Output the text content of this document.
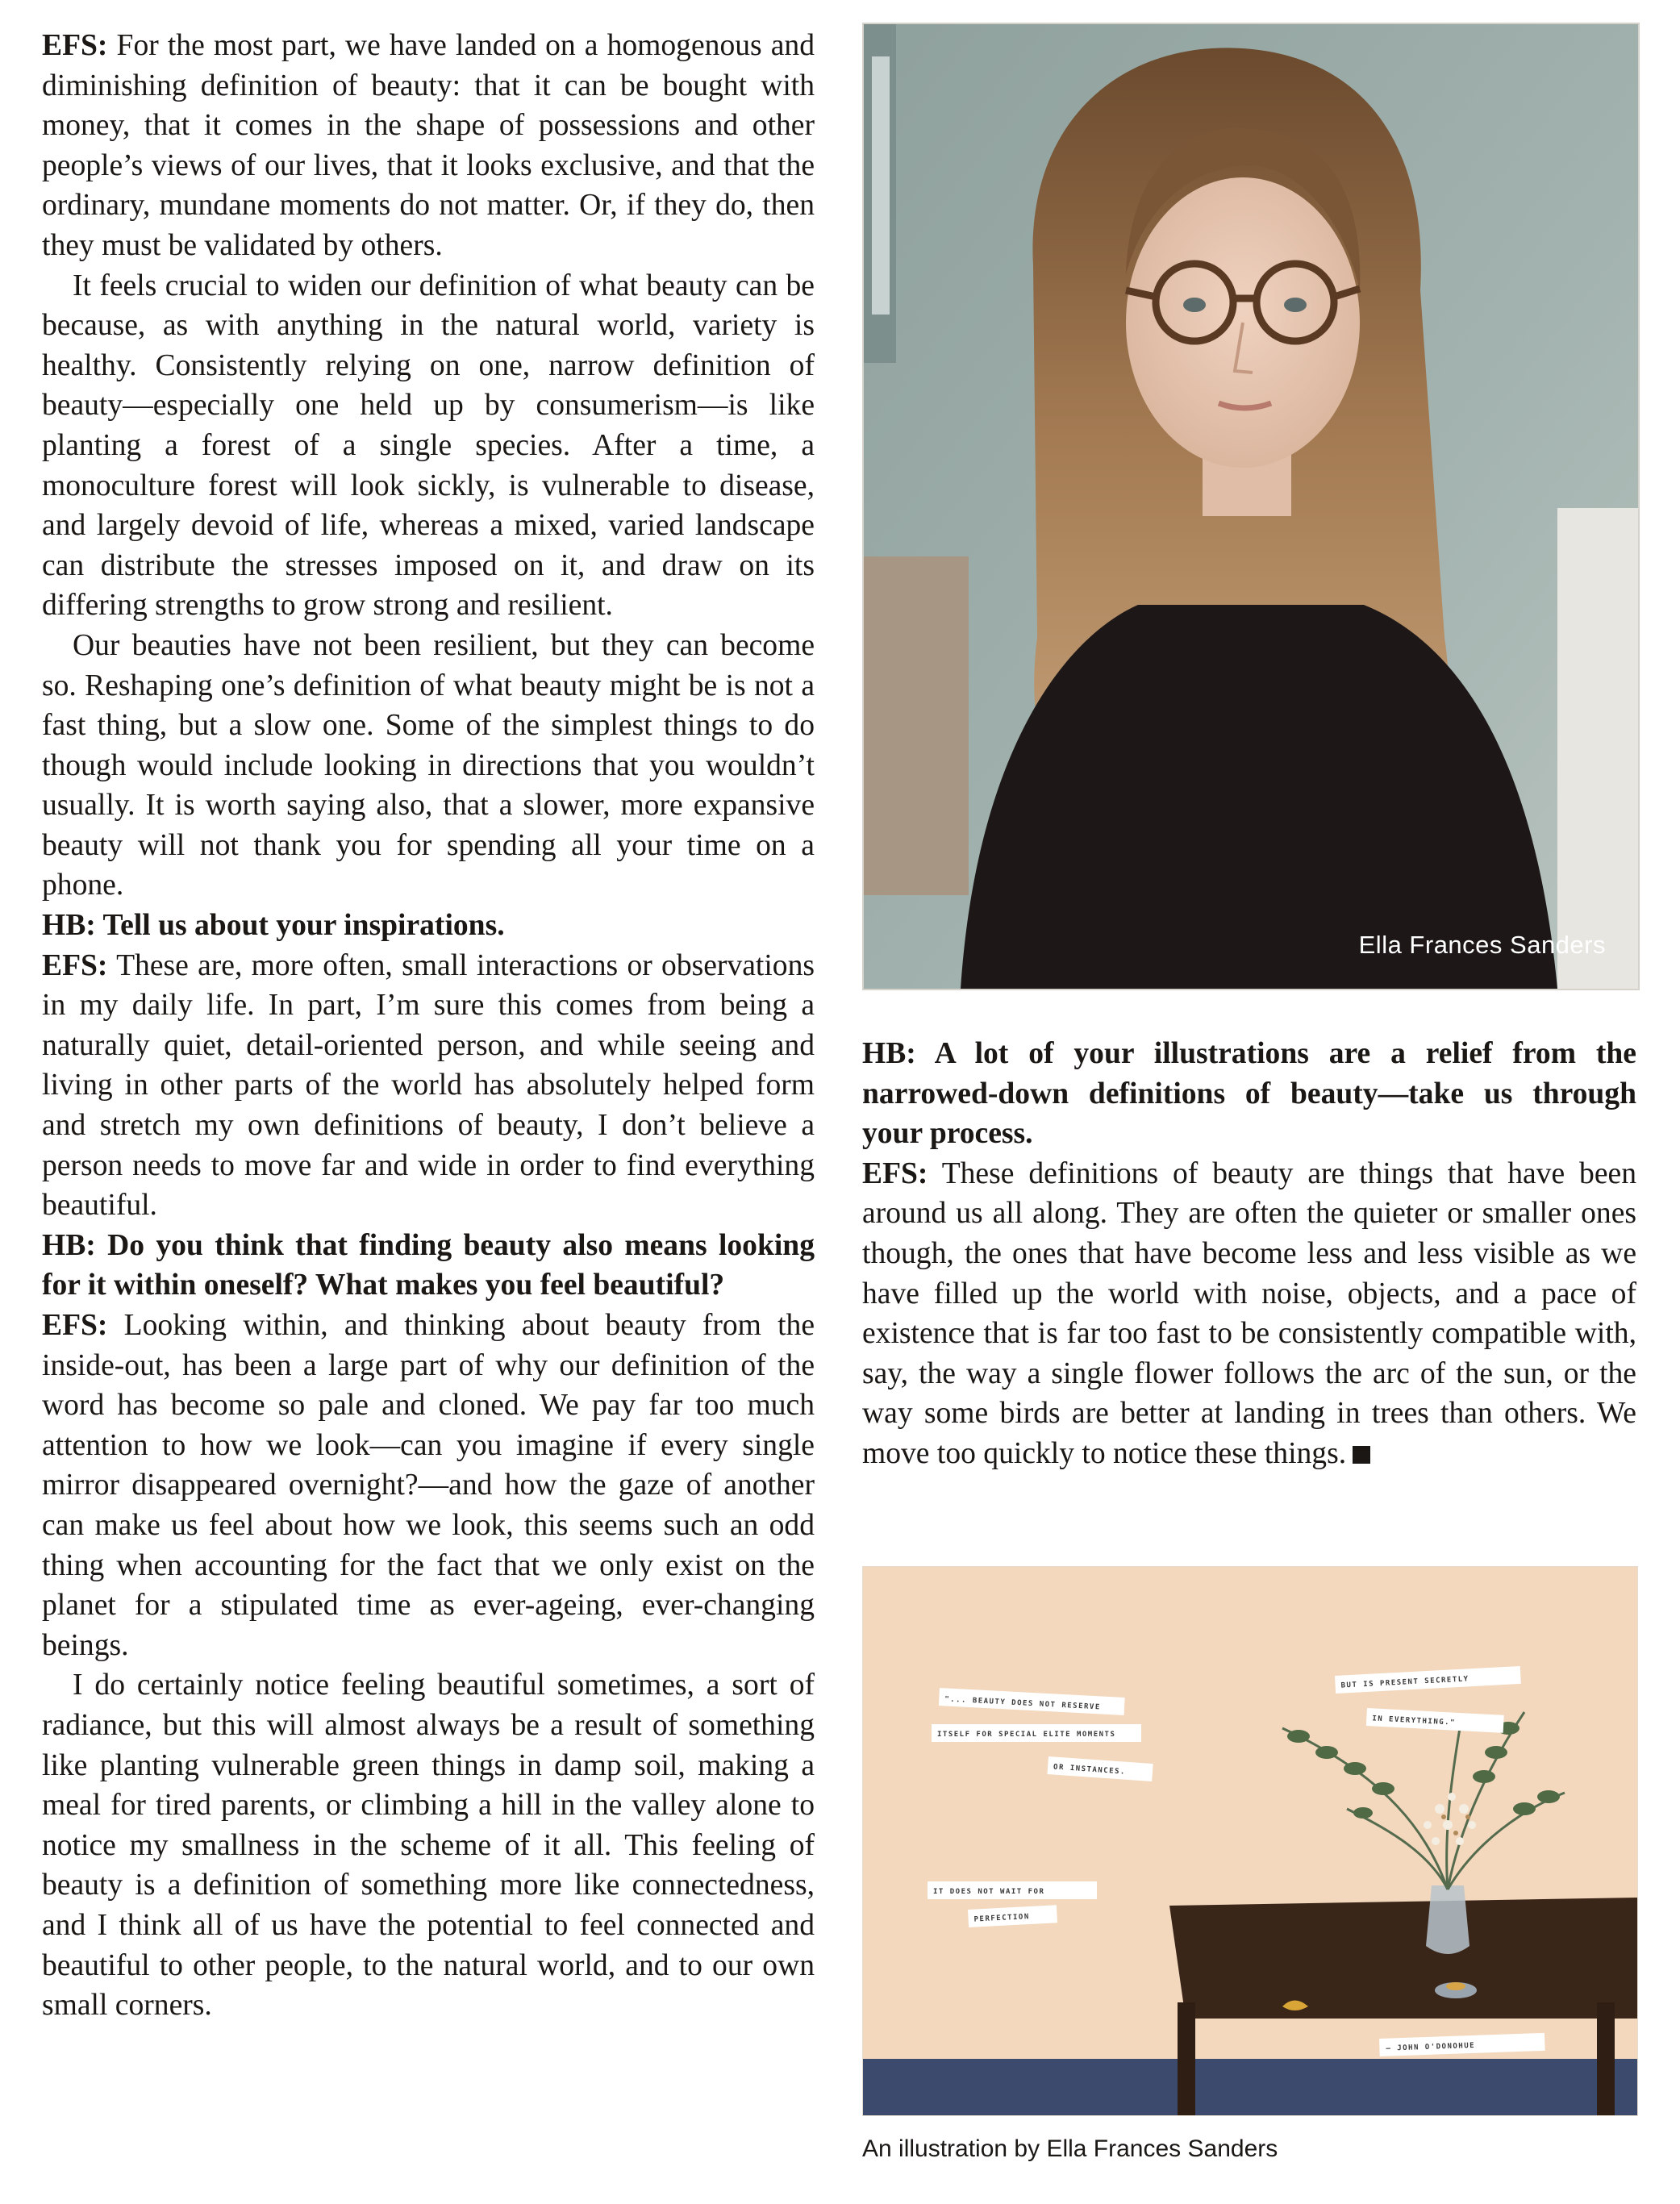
EFS: For the most part, we have landed on a homogenous and diminishing definition of beauty: that it can be bought with money, that it comes in the shape of possessions and other people’s views of our lives, that it looks exclusive, and that the ordinary, mundane moments do not matter. Or, if they do, then they must be validated by others.

It feels crucial to widen our definition of what beauty can be because, as with anything in the natural world, variety is healthy. Consistently relying on one, narrow definition of beauty—especially one held up by consumerism—is like planting a forest of a single species. After a time, a monoculture forest will look sickly, is vulnerable to disease, and largely devoid of life, whereas a mixed, varied landscape can distribute the stresses imposed on it, and draw on its differing strengths to grow strong and resilient.

Our beauties have not been resilient, but they can become so. Reshaping one’s definition of what beauty might be is not a fast thing, but a slow one. Some of the simplest things to do though would include looking in directions that you wouldn’t usually. It is worth saying also, that a slower, more expansive beauty will not thank you for spending all your time on a phone.

HB: Tell us about your inspirations.

EFS: These are, more often, small interactions or observations in my daily life. In part, I’m sure this comes from being a naturally quiet, detail-oriented person, and while seeing and living in other parts of the world has absolutely helped form and stretch my own definitions of beauty, I don’t believe a person needs to move far and wide in order to find everything beautiful.

HB: Do you think that finding beauty also means looking for it within oneself? What makes you feel beautiful?

EFS: Looking within, and thinking about beauty from the inside-out, has been a large part of why our definition of the word has become so pale and cloned. We pay far too much attention to how we look—can you imagine if every single mirror disappeared overnight?—and how the gaze of another can make us feel about how we look, this seems such an odd thing when accounting for the fact that we only exist on the planet for a stipulated time as ever-ageing, ever-changing beings.

I do certainly notice feeling beautiful sometimes, a sort of radiance, but this will almost always be a result of something like planting vulnerable green things in damp soil, making a meal for tired parents, or climbing a hill in the valley alone to notice my smallness in the scheme of it all. This feeling of beauty is a definition of something more like connectedness, and I think all of us have the potential to feel connected and beautiful to other people, to the natural world, and to our own small corners.

Ella Frances Sanders

HB: A lot of your illustrations are a relief from the narrowed-down definitions of beauty—take us through your process.

EFS: These definitions of beauty are things that have been around us all along. They are often the quieter or smaller ones though, the ones that have become less and less visible as we have filled up the world with noise, objects, and a pace of existence that is far too fast to be consistently compatible with, say, the way a single flower follows the arc of the sun, or the way some birds are better at landing in trees than others. We move too quickly to notice these things.

"... BEAUTY DOES NOT RESERVE
ITSELF FOR SPECIAL ELITE MOMENTS
OR INSTANCES.
IT DOES NOT WAIT FOR
PERFECTION
BUT IS PRESENT SECRETLY
IN EVERYTHING."
— JOHN O'DONOHUE
An illustration by Ella Frances Sanders
